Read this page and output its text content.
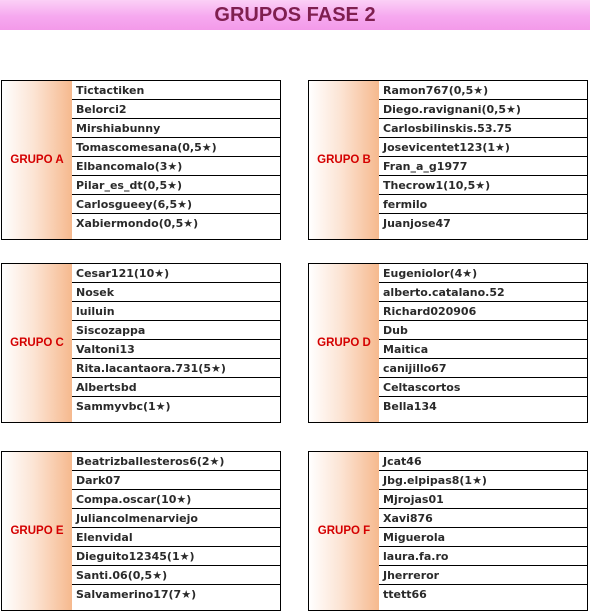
GRUPOS FASE 2
GRUPO A
Tictactiken
Belorci2
Mirshiabunny
Tomascomesana(0,5★)
Elbancomalo(3★)
Pilar_es_dt(0,5★)
Carlosgueey(6,5★)
Xabiermondo(0,5★)
GRUPO B
Ramon767(0,5★)
Diego.ravignani(0,5★)
Carlosbilinskis.53.75
Josevicentet123(1★)
Fran_a_g1977
Thecrow1(10,5★)
fermilo
Juanjose47
GRUPO C
Cesar121(10★)
Nosek
luiluin
Siscozappa
Valtoni13
Rita.lacantaora.731(5★)
Albertsbd
Sammyvbc(1★)
GRUPO D
Eugeniolor(4★)
alberto.catalano.52
Richard020906
Dub
Maitica
canijillo67
Celtascortos
Bella134
GRUPO E
Beatrizballesteros6(2★)
Dark07
Compa.oscar(10★)
Juliancolmenarviejo
Elenvidal
Dieguito12345(1★)
Santi.06(0,5★)
Salvamerino17(7★)
GRUPO F
Jcat46
Jbg.elpipas8(1★)
Mjrojas01
Xavi876
Miguerola
laura.fa.ro
Jherreror
ttett66
